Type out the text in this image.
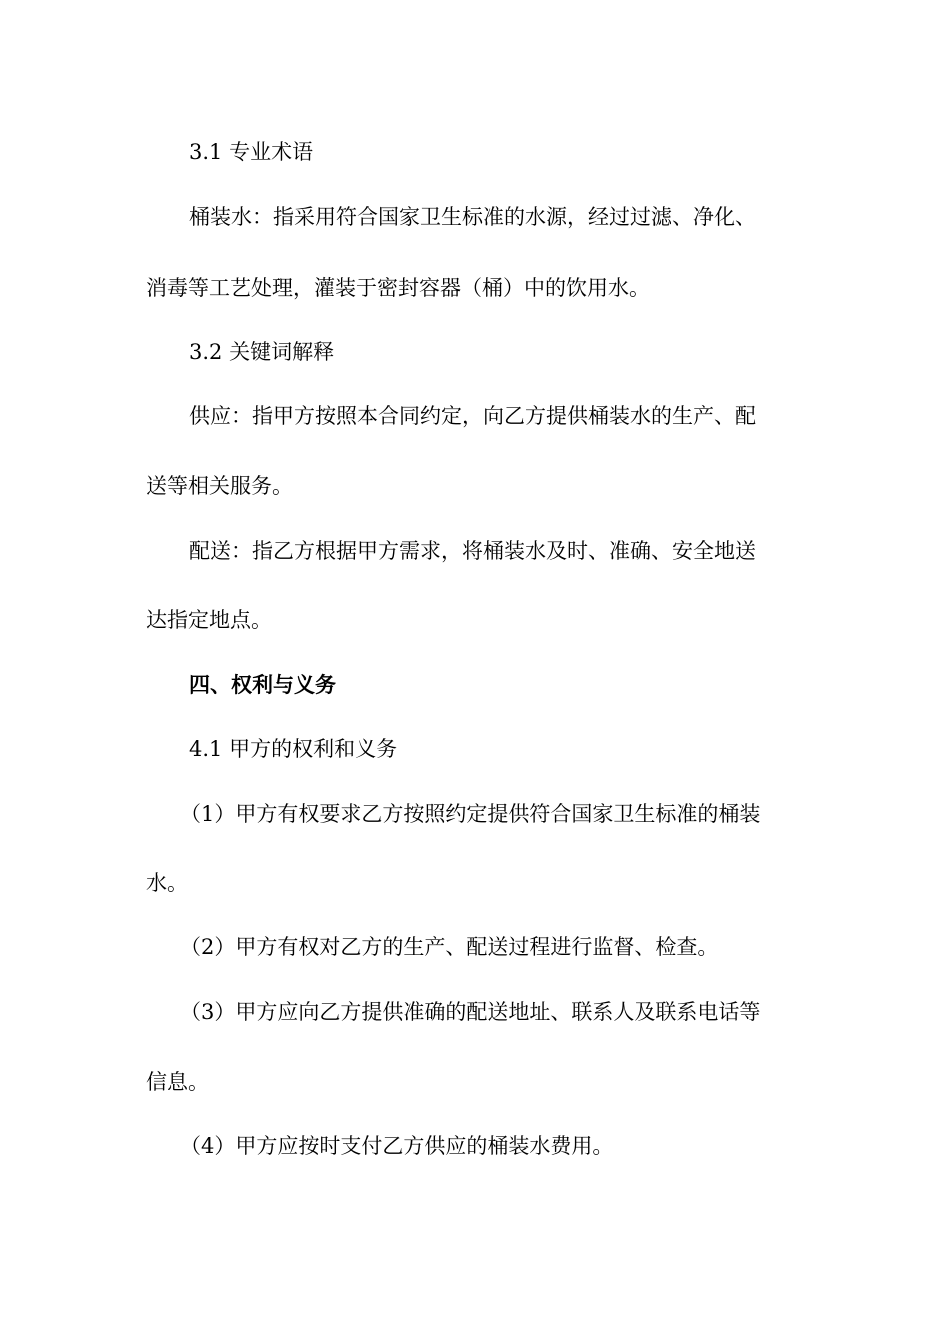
3.1 专业术语
桶装水：指采用符合国家卫生标准的水源，经过过滤、净化、
消毒等工艺处理，灌装于密封容器（桶）中的饮用水。
3.2 关键词解释
供应：指甲方按照本合同约定，向乙方提供桶装水的生产、配
送等相关服务。
配送：指乙方根据甲方需求，将桶装水及时、准确、安全地送
达指定地点。
四、权利与义务
4.1 甲方的权利和义务
（1）甲方有权要求乙方按照约定提供符合国家卫生标准的桶装
水。
（2）甲方有权对乙方的生产、配送过程进行监督、检查。
（3）甲方应向乙方提供准确的配送地址、联系人及联系电话等
信息。
（4）甲方应按时支付乙方供应的桶装水费用。
